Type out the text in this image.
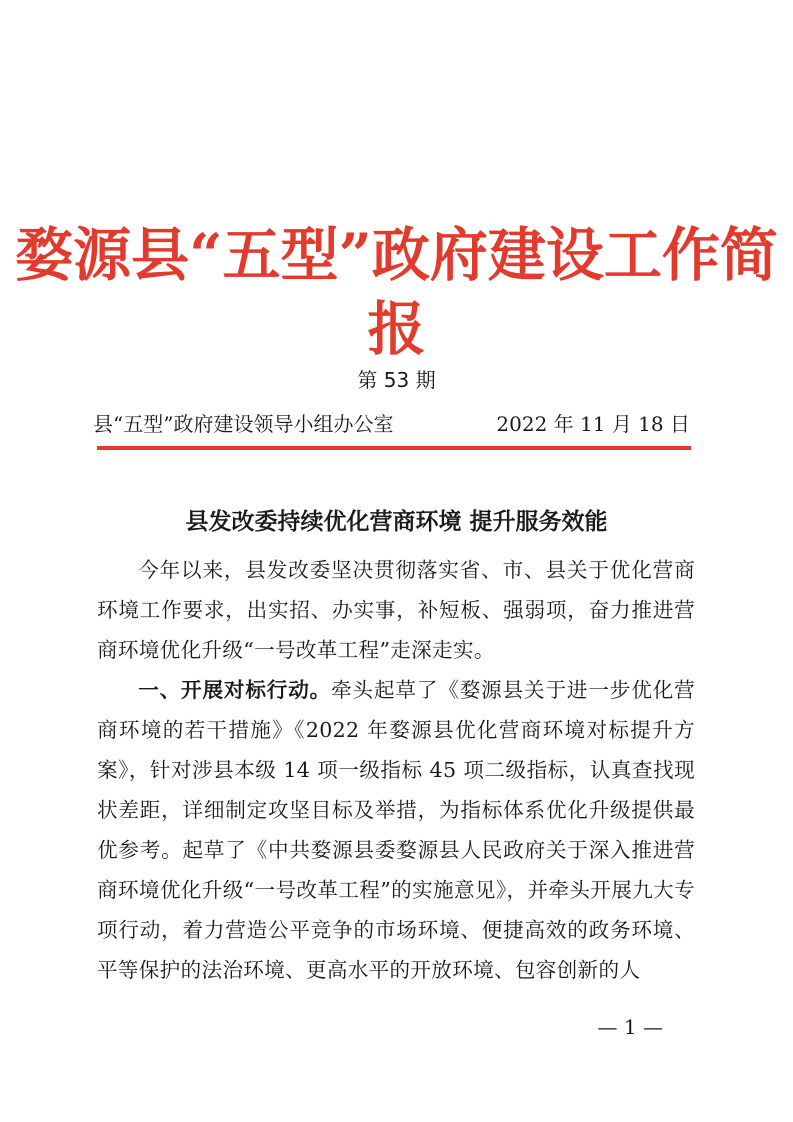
婺源县“五型”政府建设工作简报
第 53 期
县“五型”政府建设领导小组办公室	2022 年 11 月 18 日
县发改委持续优化营商环境 提升服务效能

今年以来，县发改委坚决贯彻落实省、市、县关于优化营商环境工作要求，出实招、办实事，补短板、强弱项，奋力推进营商环境优化升级“一号改革工程”走深走实。

一、开展对标行动。牵头起草了《婺源县关于进一步优化营商环境的若干措施》《2022 年婺源县优化营商环境对标提升方案》，针对涉县本级 14 项一级指标 45 项二级指标，认真查找现状差距，详细制定攻坚目标及举措，为指标体系优化升级提供最优参考。起草了《中共婺源县委婺源县人民政府关于深入推进营商环境优化升级“一号改革工程”的实施意见》，并牵头开展九大专项行动，着力营造公平竞争的市场环境、便捷高效的政务环境、平等保护的法治环境、更高水平的开放环境、包容创新的人

— 1 —
